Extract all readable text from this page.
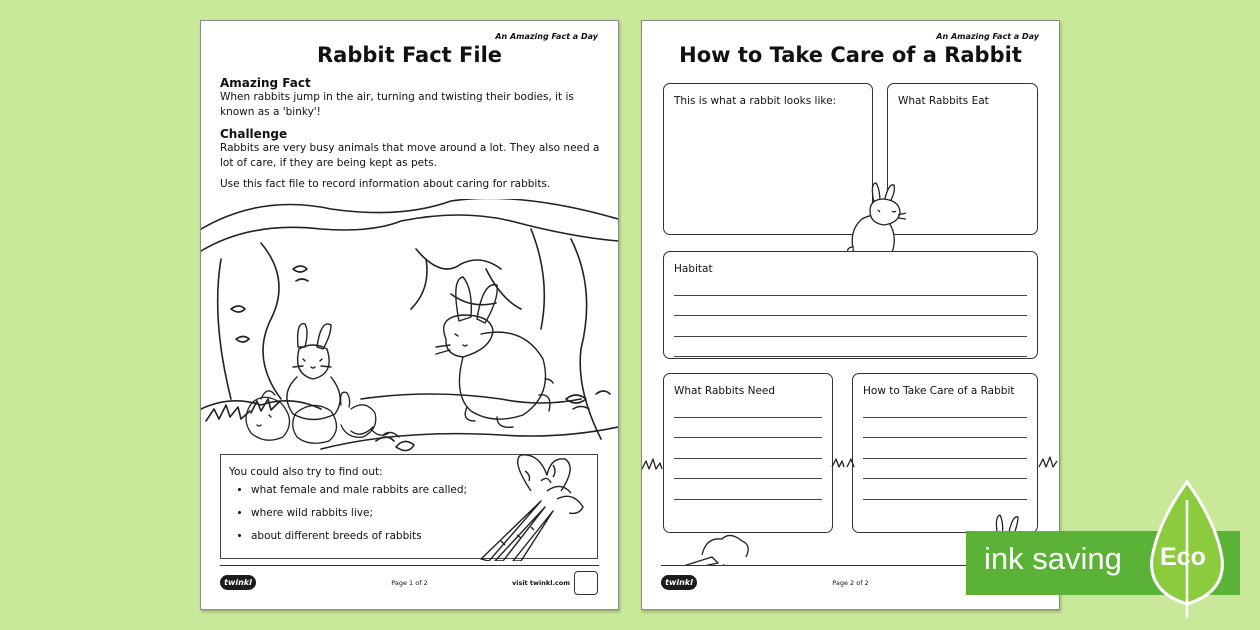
An Amazing Fact a Day
Rabbit Fact File
Amazing Fact
When rabbits jump in the air, turning and twisting their bodies, it is known as a 'binky'!
Challenge
Rabbits are very busy animals that move around a lot. They also need a lot of care, if they are being kept as pets.
Use this fact file to record information about caring for rabbits.
You could also try to find out:
• what female and male rabbits are called;
• where wild rabbits live;
• about different breeds of rabbits
twinkl	Page 1 of 2	visit twinkl.com
An Amazing Fact a Day
How to Take Care of a Rabbit
This is what a rabbit looks like:	What Rabbits Eat
Habitat
What Rabbits Need	How to Take Care of a Rabbit
twinkl	Page 2 of 2
ink saving Eco
